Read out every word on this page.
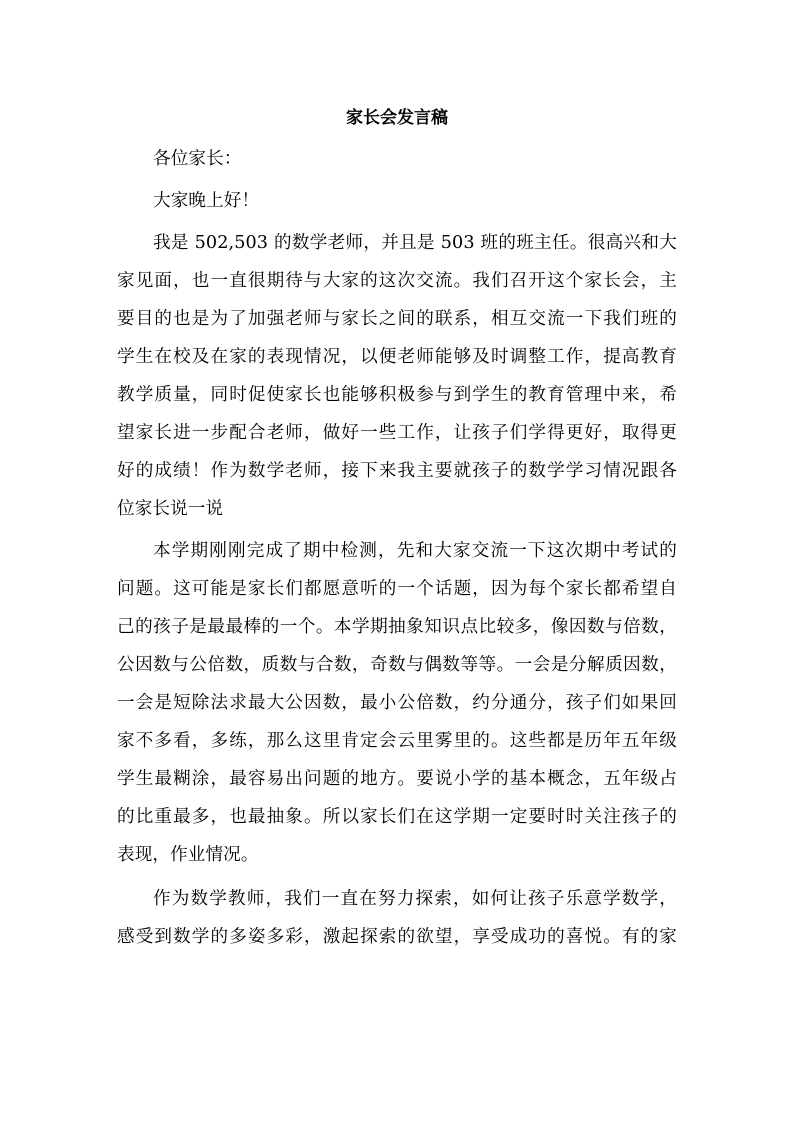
家长会发言稿
各位家长：
大家晚上好！
我是 502,503 的数学老师，并且是 503 班的班主任。很高兴和大
家见面，也一直很期待与大家的这次交流。我们召开这个家长会，主
要目的也是为了加强老师与家长之间的联系，相互交流一下我们班的
学生在校及在家的表现情况，以便老师能够及时调整工作，提高教育
教学质量，同时促使家长也能够积极参与到学生的教育管理中来，希
望家长进一步配合老师，做好一些工作，让孩子们学得更好，取得更
好的成绩！作为数学老师，接下来我主要就孩子的数学学习情况跟各
位家长说一说
本学期刚刚完成了期中检测，先和大家交流一下这次期中考试的
问题。这可能是家长们都愿意听的一个话题，因为每个家长都希望自
己的孩子是最最棒的一个。本学期抽象知识点比较多，像因数与倍数，
公因数与公倍数，质数与合数，奇数与偶数等等。一会是分解质因数，
一会是短除法求最大公因数，最小公倍数，约分通分，孩子们如果回
家不多看，多练，那么这里肯定会云里雾里的。这些都是历年五年级
学生最糊涂，最容易出问题的地方。要说小学的基本概念，五年级占
的比重最多，也最抽象。所以家长们在这学期一定要时时关注孩子的
表现，作业情况。
作为数学教师，我们一直在努力探索，如何让孩子乐意学数学，
感受到数学的多姿多彩，激起探索的欲望，享受成功的喜悦。有的家
